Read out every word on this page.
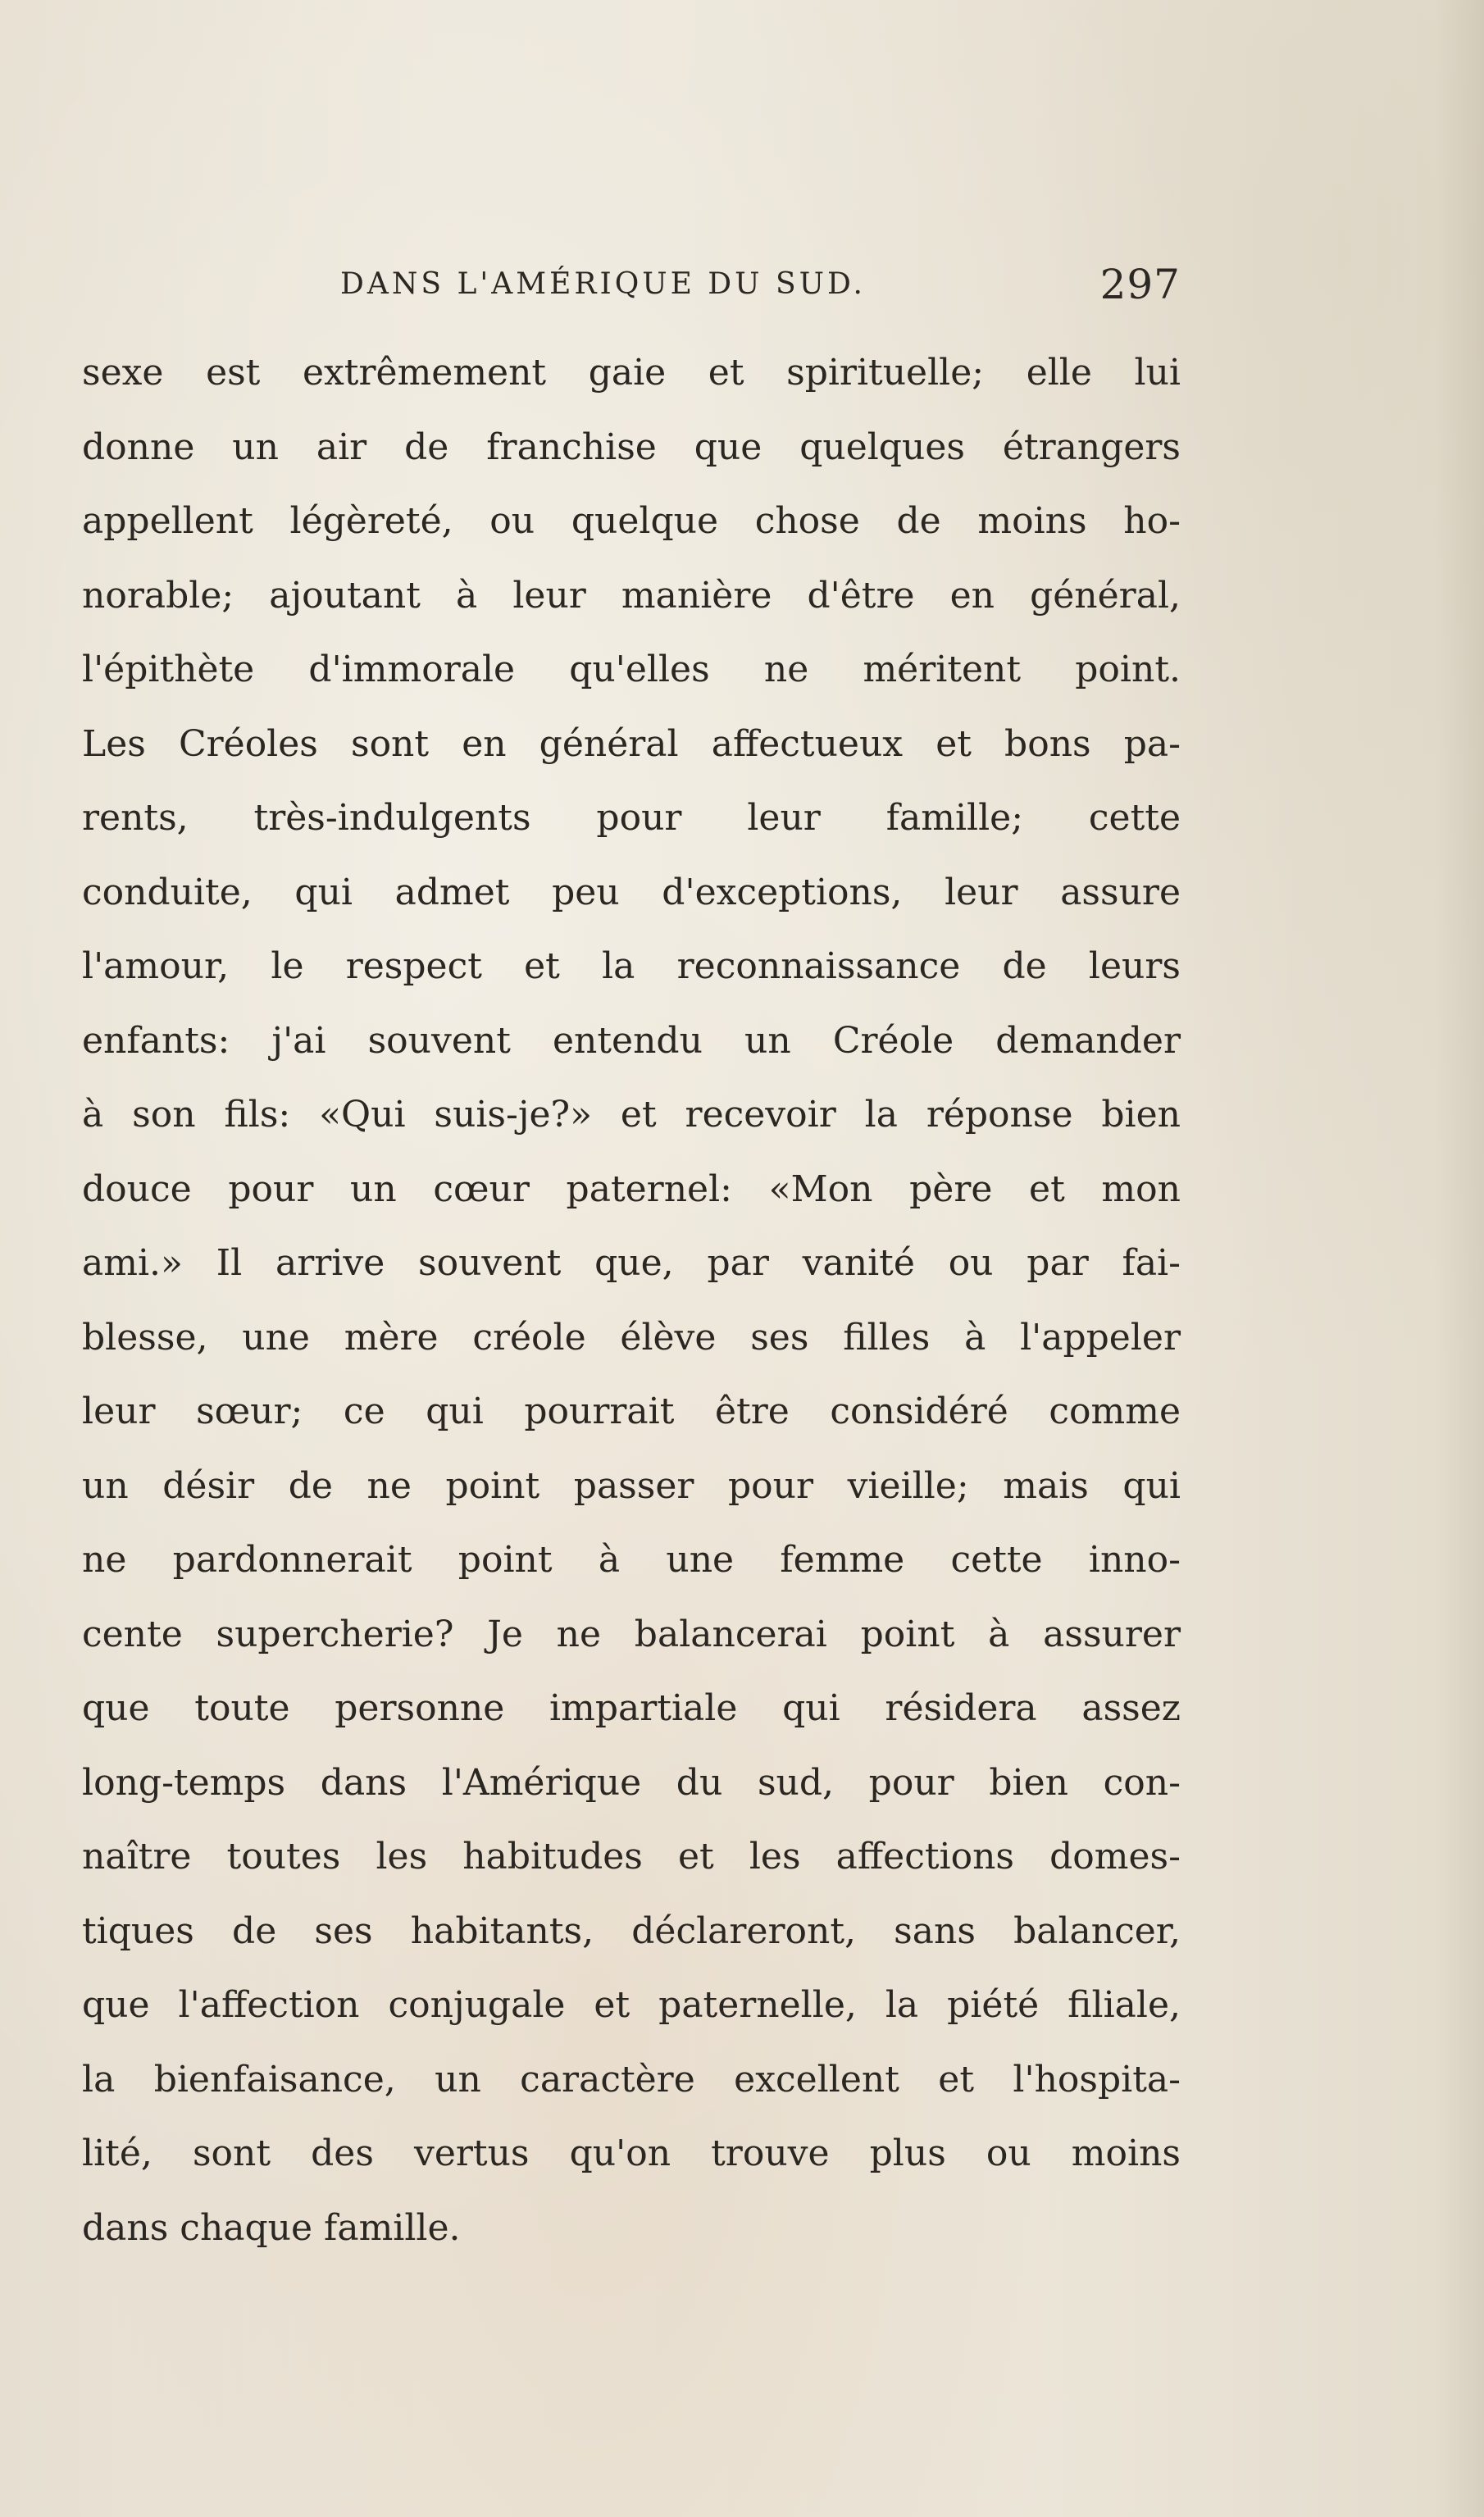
DANS L'AMÉRIQUE DU SUD.	297
sexe est extrêmement gaie et spirituelle; elle lui
donne un air de franchise que quelques étrangers
appellent légèreté, ou quelque chose de moins ho-
norable; ajoutant à leur manière d'être en général,
l'épithète d'immorale qu'elles ne méritent point.
Les Créoles sont en général affectueux et bons pa-
rents, très-indulgents pour leur famille; cette
conduite, qui admet peu d'exceptions, leur assure
l'amour, le respect et la reconnaissance de leurs
enfants: j'ai souvent entendu un Créole demander
à son fils: «Qui suis-je?» et recevoir la réponse bien
douce pour un cœur paternel: «Mon père et mon
ami.» Il arrive souvent que, par vanité ou par fai-
blesse, une mère créole élève ses filles à l'appeler
leur sœur; ce qui pourrait être considéré comme
un désir de ne point passer pour vieille; mais qui
ne pardonnerait point à une femme cette inno-
cente supercherie? Je ne balancerai point à assurer
que toute personne impartiale qui résidera assez
long-temps dans l'Amérique du sud, pour bien con-
naître toutes les habitudes et les affections domes-
tiques de ses habitants, déclareront, sans balancer,
que l'affection conjugale et paternelle, la piété filiale,
la bienfaisance, un caractère excellent et l'hospita-
lité, sont des vertus qu'on trouve plus ou moins
dans chaque famille.
